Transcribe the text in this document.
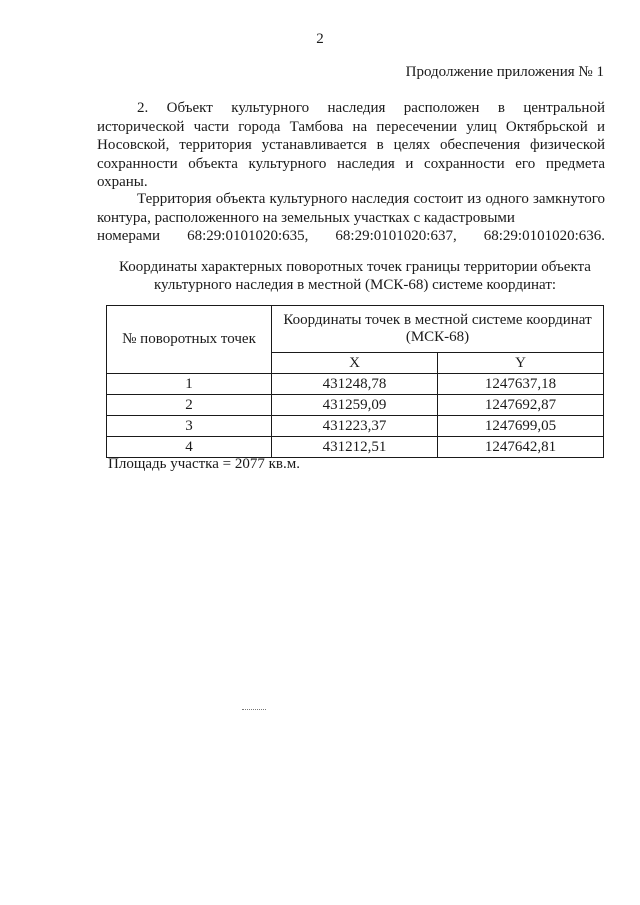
2
Продолжение приложения № 1
2. Объект культурного наследия расположен в центральной исторической части города Тамбова на пересечении улиц Октябрьской и Носовской, территория устанавливается в целях обеспечения физической сохранности объекта культурного наследия и сохранности его предмета охраны.
Территория объекта культурного наследия состоит из одного замкнутого контура, расположенного на земельных участках с кадастровыми
номерами 68:29:0101020:635, 68:29:0101020:637, 68:29:0101020:636.
Координаты характерных поворотных точек границы территории объекта культурного наследия в местной (МСК-68) системе координат:
№ поворотных точек	Координаты точек в местной системе координат (МСК-68)	
	X	Y
1	431248,78	1247637,18
2	431259,09	1247692,87
3	431223,37	1247699,05
4	431212,51	1247642,81
Площадь участка = 2077 кв.м.
